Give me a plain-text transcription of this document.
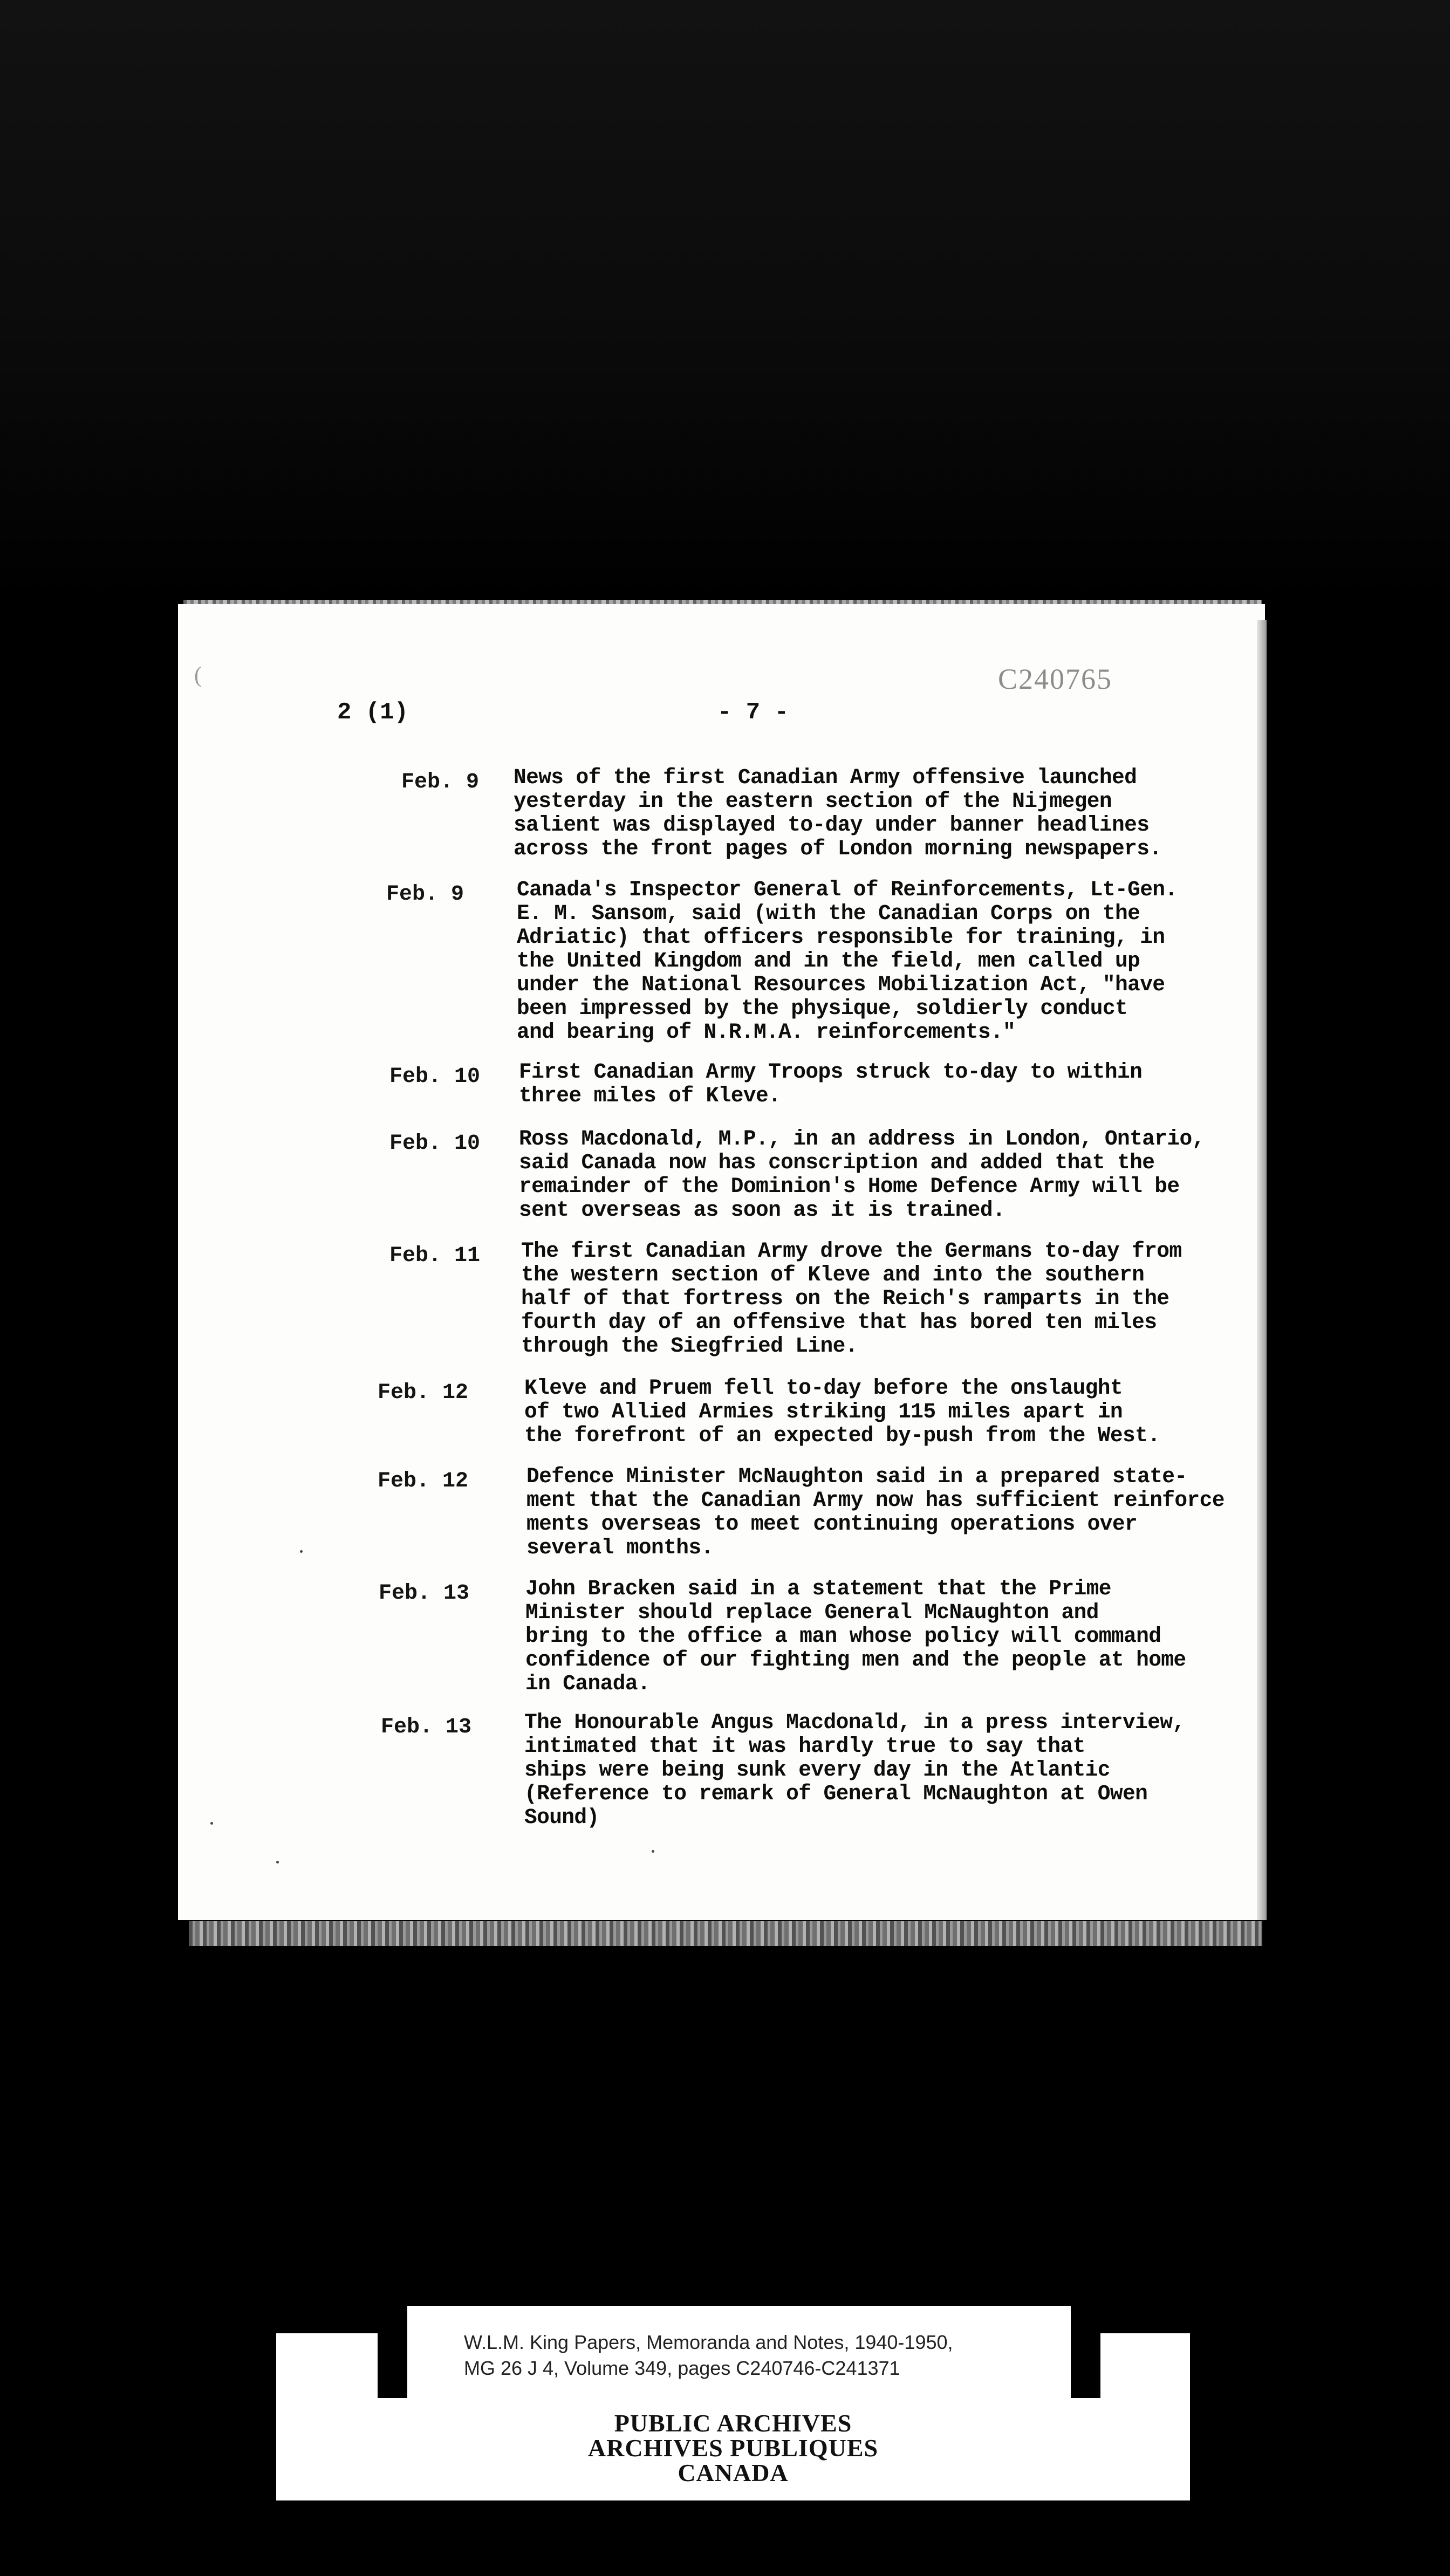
(	C240765
2 (1)	- 7 -
Feb. 9 News of the first Canadian Army offensive launched
yesterday in the eastern section of the Nijmegen
salient was displayed to-day under banner headlines
across the front pages of London morning newspapers.

Feb. 9 Canada's Inspector General of Reinforcements, Lt-Gen.
E. M. Sansom, said (with the Canadian Corps on the
Adriatic) that officers responsible for training, in
the United Kingdom and in the field, men called up
under the National Resources Mobilization Act, "have
been impressed by the physique, soldierly conduct
and bearing of N.R.M.A. reinforcements."

Feb. 10 First Canadian Army Troops struck to-day to within
three miles of Kleve.

Feb. 10 Ross Macdonald, M.P., in an address in London, Ontario,
said Canada now has conscription and added that the
remainder of the Dominion's Home Defence Army will be
sent overseas as soon as it is trained.

Feb. 11 The first Canadian Army drove the Germans to-day from
the western section of Kleve and into the southern
half of that fortress on the Reich's ramparts in the
fourth day of an offensive that has bored ten miles
through the Siegfried Line.

Feb. 12	Kleve and Pruem fell to-day before the onslaught
of two Allied Armies striking 115 miles apart in
the forefront of an expected by-push from the West.

Feb. 12	Defence Minister McNaughton said in a prepared state-
ment that the Canadian Army now has sufficient reinforce
ments overseas to meet continuing operations over
several months.

Feb. 13	John Bracken said in a statement that the Prime
Minister should replace General McNaughton and
bring to the office a man whose policy will command
confidence of our fighting men and the people at home
in Canada.

Feb. 13 The Honourable Angus Macdonald, in a press interview,
intimated that it was hardly true to say that
ships were being sunk every day in the Atlantic
(Reference to remark of General McNaughton at Owen
Sound)

W.L.M. King Papers, Memoranda and Notes, 1940-1950,
MG 26 J 4, Volume 349, pages C240746-C241371
PUBLIC ARCHIVES
ARCHIVES PUBLIQUES
CANADA
